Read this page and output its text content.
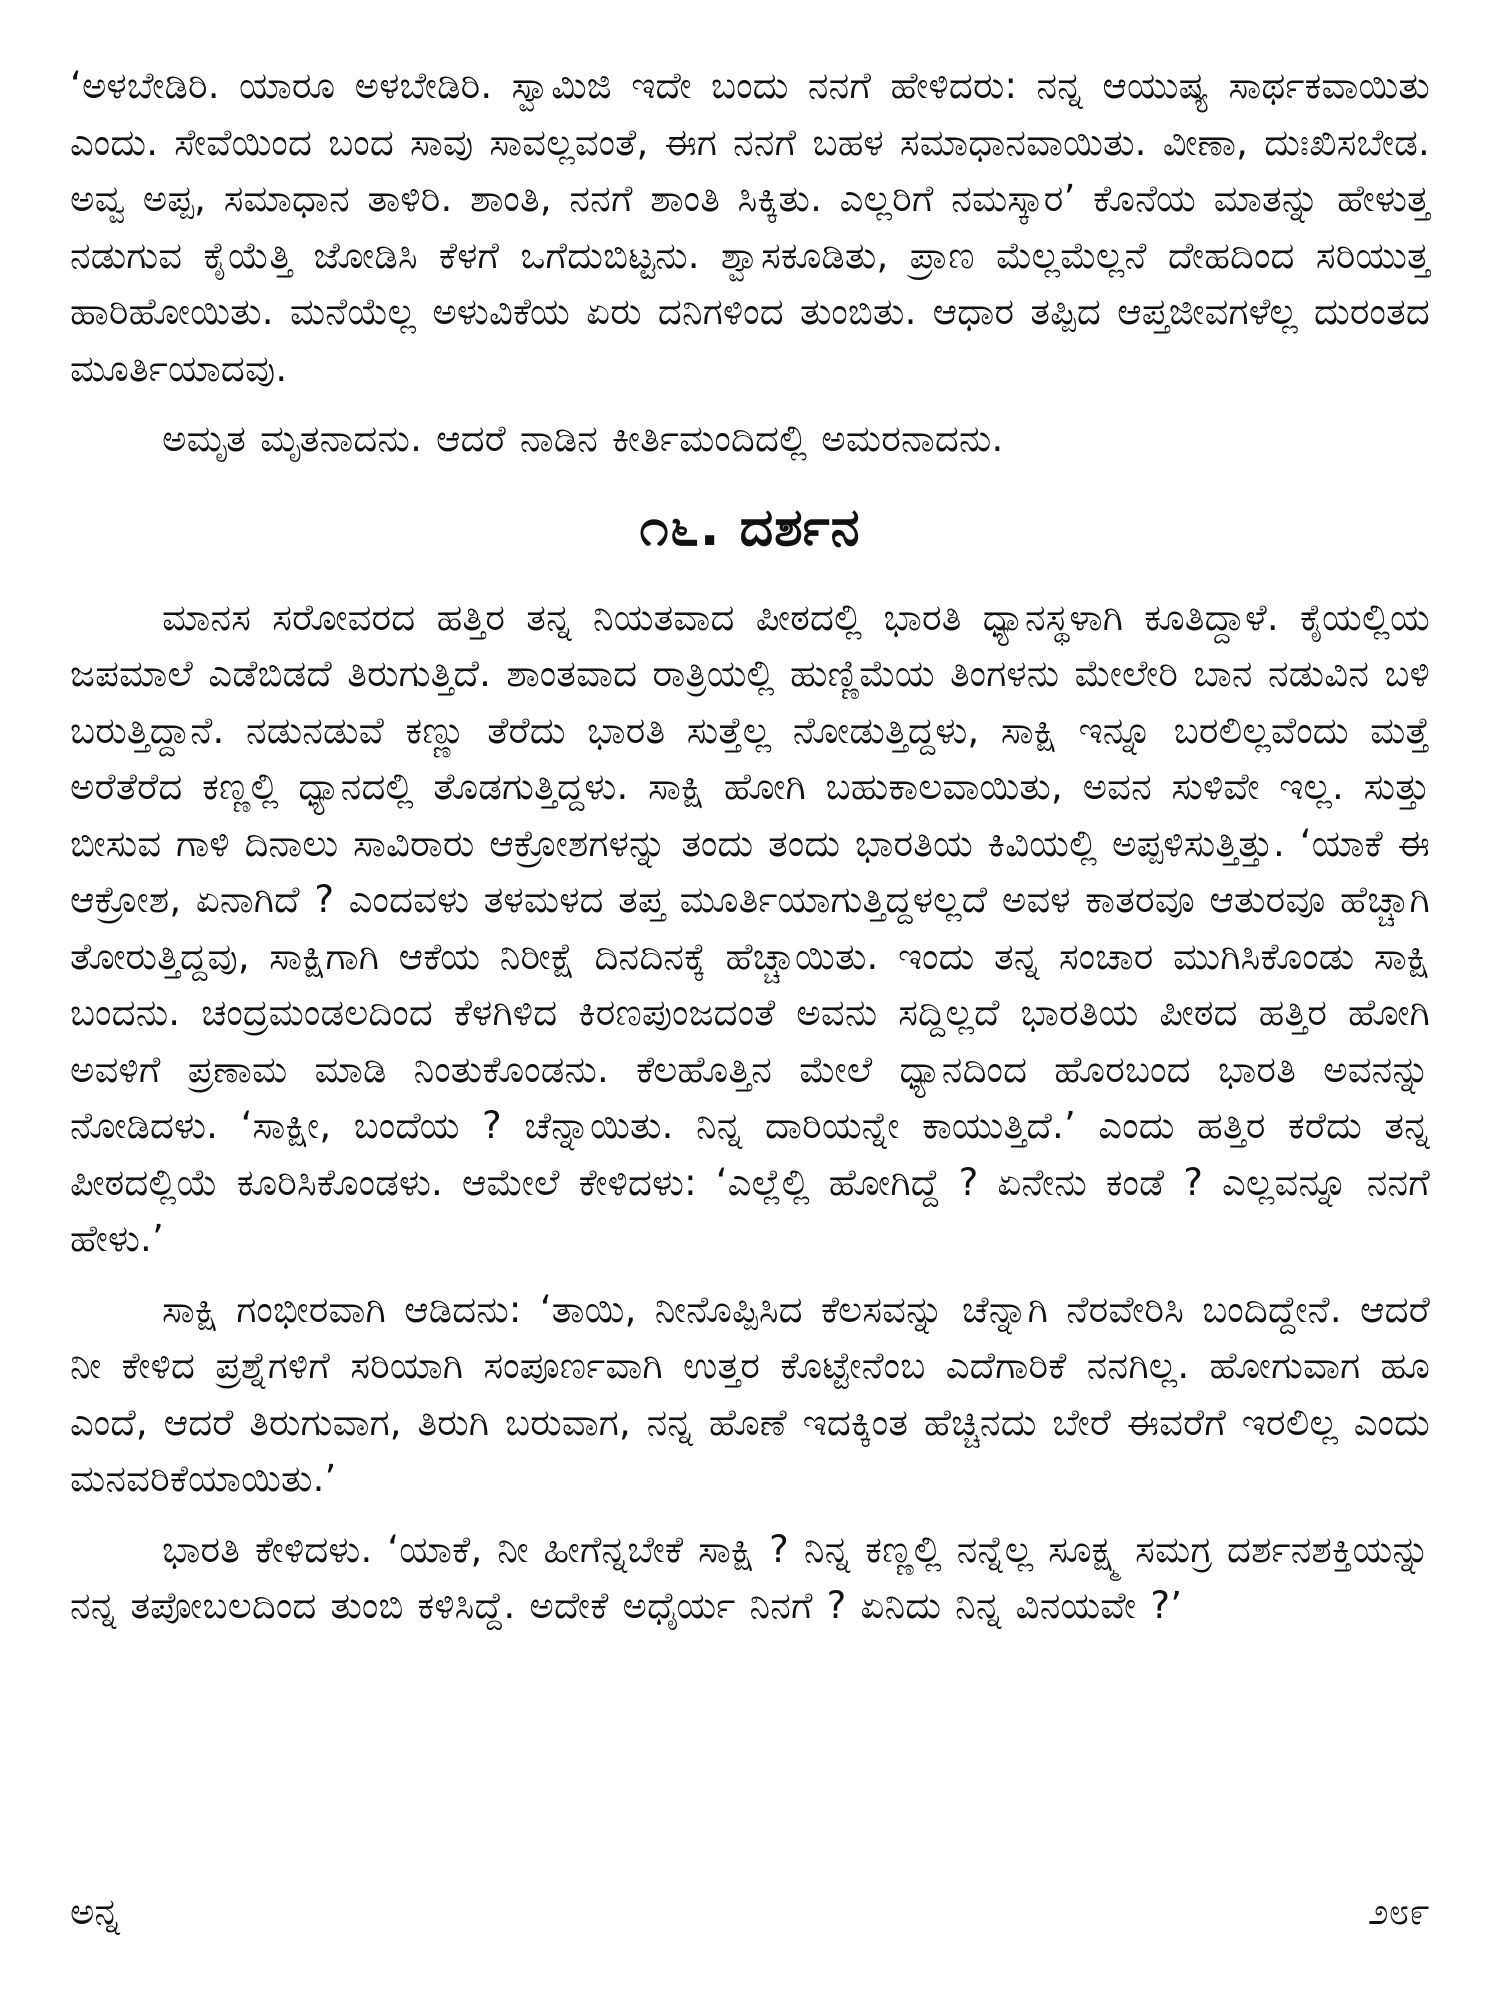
‘ಅಳಬೇಡಿರಿ. ಯಾರೂ ಅಳಬೇಡಿರಿ. ಸ್ವಾಮಿಜಿ ಇದೇ ಬಂದು ನನಗೆ ಹೇಳಿದರು: ನನ್ನ ಆಯುಷ್ಯ ಸಾರ್ಥಕವಾಯಿತು ಎಂದು. ಸೇವೆಯಿಂದ ಬಂದ ಸಾವು ಸಾವಲ್ಲವಂತೆ, ಈಗ ನನಗೆ ಬಹಳ ಸಮಾಧಾನವಾಯಿತು. ವೀಣಾ, ದುಃಖಿಸಬೇಡ. ಅವ್ವ ಅಪ್ಪ, ಸಮಾಧಾನ ತಾಳಿರಿ. ಶಾಂತಿ, ನನಗೆ ಶಾಂತಿ ಸಿಕ್ಕಿತು. ಎಲ್ಲರಿಗೆ ನಮಸ್ಕಾರ’ ಕೊನೆಯ ಮಾತನ್ನು ಹೇಳುತ್ತ ನಡುಗುವ ಕೈಯೆತ್ತಿ ಜೋಡಿಸಿ ಕೆಳಗೆ ಒಗೆದುಬಿಟ್ಟನು. ಶ್ವಾಸಕೂಡಿತು, ಪ್ರಾಣ ಮೆಲ್ಲಮೆಲ್ಲನೆ ದೇಹದಿಂದ ಸರಿಯುತ್ತ ಹಾರಿಹೋಯಿತು. ಮನೆಯೆಲ್ಲ ಅಳುವಿಕೆಯ ಏರು ದನಿಗಳಿಂದ ತುಂಬಿತು. ಆಧಾರ ತಪ್ಪಿದ ಆಪ್ತಜೀವಗಳೆಲ್ಲ ದುರಂತದ ಮೂರ್ತಿಯಾದವು.

ಅಮೃತ ಮೃತನಾದನು. ಆದರೆ ನಾಡಿನ ಕೀರ್ತಿಮಂದಿದಲ್ಲಿ ಅಮರನಾದನು.

೧೬. ದರ್ಶನ

ಮಾನಸ ಸರೋವರದ ಹತ್ತಿರ ತನ್ನ ನಿಯತವಾದ ಪೀಠದಲ್ಲಿ ಭಾರತಿ ಧ್ಯಾನಸ್ಥಳಾಗಿ ಕೂತಿದ್ದಾಳೆ. ಕೈಯಲ್ಲಿಯ ಜಪಮಾಲೆ ಎಡೆಬಿಡದೆ ತಿರುಗುತ್ತಿದೆ. ಶಾಂತವಾದ ರಾತ್ರಿಯಲ್ಲಿ ಹುಣ್ಣಿಮೆಯ ತಿಂಗಳನು ಮೇಲೇರಿ ಬಾನ ನಡುವಿನ ಬಳಿ ಬರುತ್ತಿದ್ದಾನೆ. ನಡುನಡುವೆ ಕಣ್ಣು ತೆರೆದು ಭಾರತಿ ಸುತ್ತೆಲ್ಲ ನೋಡುತ್ತಿದ್ದಳು, ಸಾಕ್ಷಿ ಇನ್ನೂ ಬರಲಿಲ್ಲವೆಂದು ಮತ್ತೆ ಅರೆತೆರೆದ ಕಣ್ಣಲ್ಲಿ ಧ್ಯಾನದಲ್ಲಿ ತೊಡಗುತ್ತಿದ್ದಳು. ಸಾಕ್ಷಿ ಹೋಗಿ ಬಹುಕಾಲವಾಯಿತು, ಅವನ ಸುಳಿವೇ ಇಲ್ಲ. ಸುತ್ತು ಬೀಸುವ ಗಾಳಿ ದಿನಾಲು ಸಾವಿರಾರು ಆಕ್ರೋಶಗಳನ್ನು ತಂದು ತಂದು ಭಾರತಿಯ ಕಿವಿಯಲ್ಲಿ ಅಪ್ಪಳಿಸುತ್ತಿತ್ತು. ‘ಯಾಕೆ ಈ ಆಕ್ರೋಶ, ಏನಾಗಿದೆ ? ಎಂದವಳು ತಳಮಳದ ತಪ್ತ ಮೂರ್ತಿಯಾಗುತ್ತಿದ್ದಳಲ್ಲದೆ ಅವಳ ಕಾತರವೂ ಆತುರವೂ ಹೆಚ್ಚಾಗಿ ತೋರುತ್ತಿದ್ದವು, ಸಾಕ್ಷಿಗಾಗಿ ಆಕೆಯ ನಿರೀಕ್ಷೆ ದಿನದಿನಕ್ಕೆ ಹೆಚ್ಚಾಯಿತು. ಇಂದು ತನ್ನ ಸಂಚಾರ ಮುಗಿಸಿಕೊಂಡು ಸಾಕ್ಷಿ ಬಂದನು. ಚಂದ್ರಮಂಡಲದಿಂದ ಕೆಳಗಿಳಿದ ಕಿರಣಪುಂಜದಂತೆ ಅವನು ಸದ್ದಿಲ್ಲದೆ ಭಾರತಿಯ ಪೀಠದ ಹತ್ತಿರ ಹೋಗಿ ಅವಳಿಗೆ ಪ್ರಣಾಮ ಮಾಡಿ ನಿಂತುಕೊಂಡನು. ಕೆಲಹೊತ್ತಿನ ಮೇಲೆ ಧ್ಯಾನದಿಂದ ಹೊರಬಂದ ಭಾರತಿ ಅವನನ್ನು ನೋಡಿದಳು. ‘ಸಾಕ್ಷೀ, ಬಂದೆಯ ? ಚೆನ್ನಾಯಿತು. ನಿನ್ನ ದಾರಿಯನ್ನೇ ಕಾಯುತ್ತಿದೆ.’ ಎಂದು ಹತ್ತಿರ ಕರೆದು ತನ್ನ ಪೀಠದಲ್ಲಿಯೆ ಕೂರಿಸಿಕೊಂಡಳು. ಆಮೇಲೆ ಕೇಳಿದಳು: ‘ಎಲ್ಲೆಲ್ಲಿ ಹೋಗಿದ್ದೆ ? ಏನೇನು ಕಂಡೆ ? ಎಲ್ಲವನ್ನೂ ನನಗೆ ಹೇಳು.’

ಸಾಕ್ಷಿ ಗಂಭೀರವಾಗಿ ಆಡಿದನು: ‘ತಾಯಿ, ನೀನೊಪ್ಪಿಸಿದ ಕೆಲಸವನ್ನು ಚೆನ್ನಾಗಿ ನೆರವೇರಿಸಿ ಬಂದಿದ್ದೇನೆ. ಆದರೆ ನೀ ಕೇಳಿದ ಪ್ರಶ್ನೆಗಳಿಗೆ ಸರಿಯಾಗಿ ಸಂಪೂರ್ಣವಾಗಿ ಉತ್ತರ ಕೊಟ್ಟೇನೆಂಬ ಎದೆಗಾರಿಕೆ ನನಗಿಲ್ಲ. ಹೋಗುವಾಗ ಹೂ ಎಂದೆ, ಆದರೆ ತಿರುಗುವಾಗ, ತಿರುಗಿ ಬರುವಾಗ, ನನ್ನ ಹೊಣೆ ಇದಕ್ಕಿಂತ ಹೆಚ್ಚಿನದು ಬೇರೆ ಈವರೆಗೆ ಇರಲಿಲ್ಲ ಎಂದು ಮನವರಿಕೆಯಾಯಿತು.’

ಭಾರತಿ ಕೇಳಿದಳು. ‘ಯಾಕೆ, ನೀ ಹೀಗೆನ್ನಬೇಕೆ ಸಾಕ್ಷಿ ? ನಿನ್ನ ಕಣ್ಣಲ್ಲಿ ನನ್ನೆಲ್ಲ ಸೂಕ್ಷ್ಮ ಸಮಗ್ರ ದರ್ಶನಶಕ್ತಿಯನ್ನು ನನ್ನ ತಪೋಬಲದಿಂದ ತುಂಬಿ ಕಳಿಸಿದ್ದೆ. ಅದೇಕೆ ಅಧೈರ್ಯ ನಿನಗೆ ? ಏನಿದು ನಿನ್ನ ವಿನಯವೇ ?’

ಅನ್ನ	೨೮೯
